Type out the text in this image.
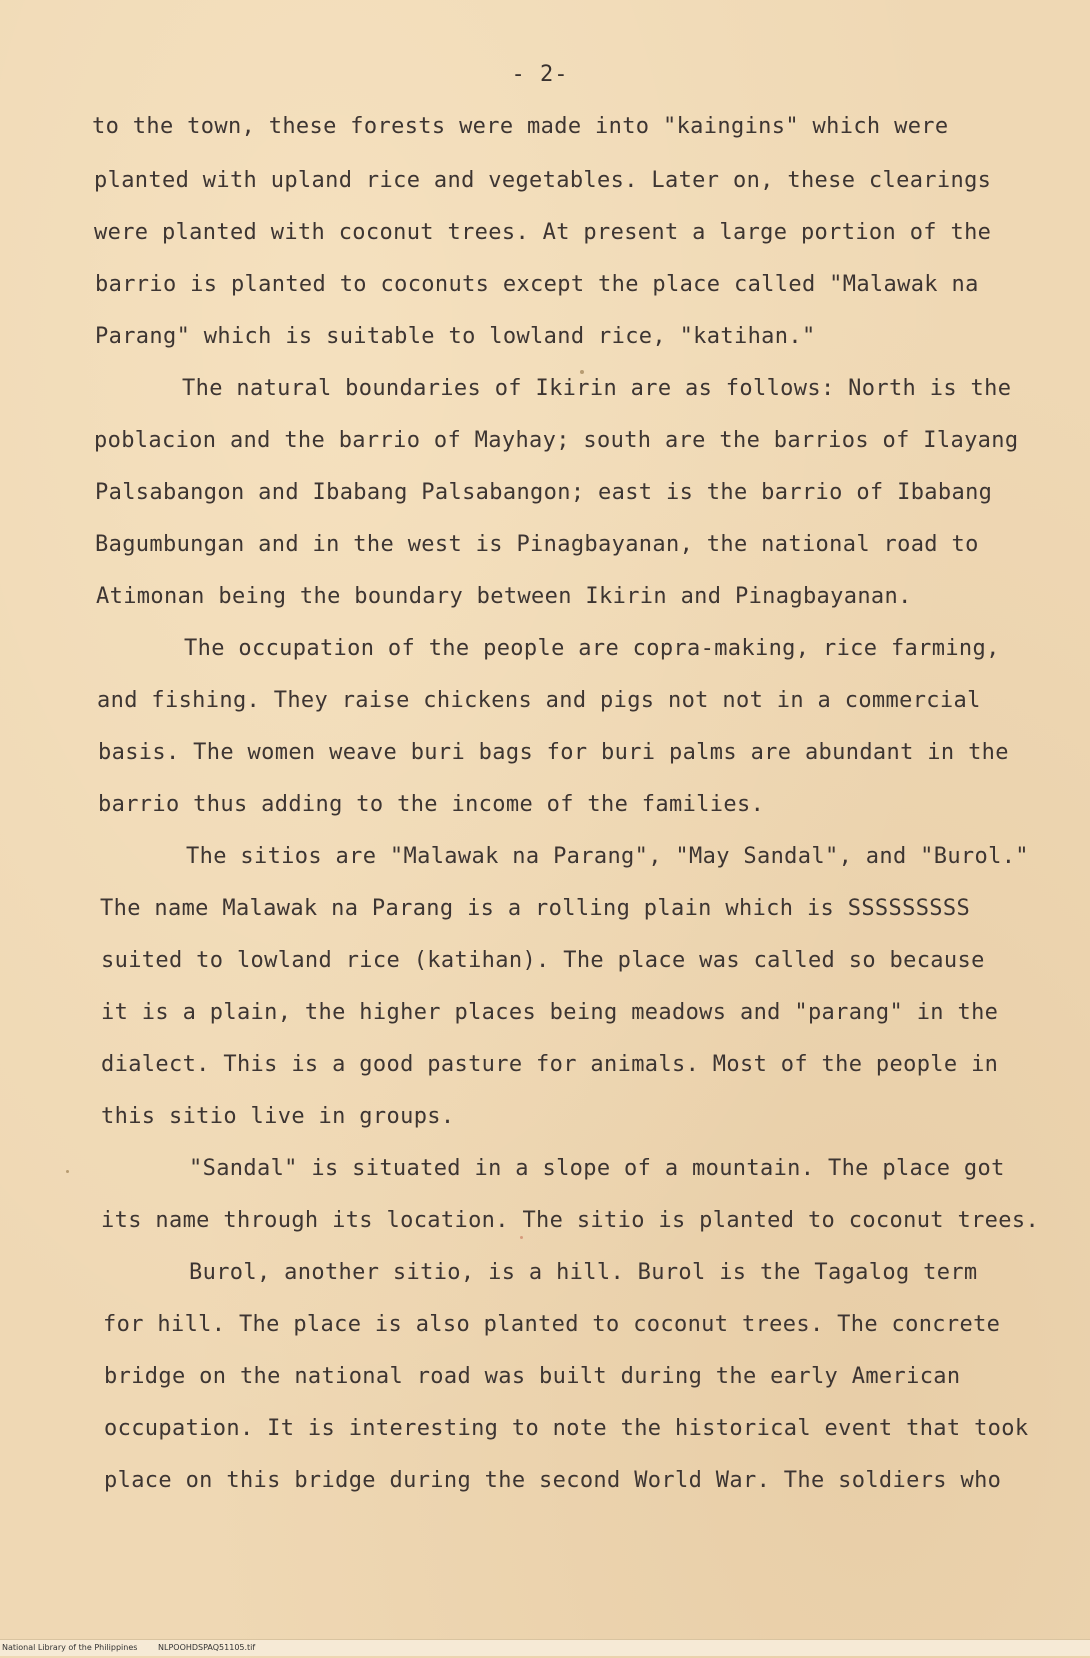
- 2-
to the town, these forests were made into "kaingins" which were
planted with upland rice and vegetables. Later on, these clearings
were planted with coconut trees. At present a large portion of the
barrio is planted to coconuts except the place called "Malawak na
Parang" which is suitable to lowland rice, "katihan."
The natural boundaries of Ikirin are as follows: North is the
poblacion and the barrio of Mayhay; south are the barrios of Ilayang
Palsabangon and Ibabang Palsabangon; east is the barrio of Ibabang
Bagumbungan and in the west is Pinagbayanan, the national road to
Atimonan being the boundary between Ikirin and Pinagbayanan.
The occupation of the people are copra-making, rice farming,
and fishing. They raise chickens and pigs not not in a commercial
basis. The women weave buri bags for buri palms are abundant in the
barrio thus adding to the income of the families.
The sitios are "Malawak na Parang", "May Sandal", and "Burol."
The name Malawak na Parang is a rolling plain which is SSSSSSSSS
suited to lowland rice (katihan). The place was called so because
it is a plain, the higher places being meadows and "parang" in the
dialect. This is a good pasture for animals. Most of the people in
this sitio live in groups.
"Sandal" is situated in a slope of a mountain. The place got
its name through its location. The sitio is planted to coconut trees.
Burol, another sitio, is a hill. Burol is the Tagalog term
for hill. The place is also planted to coconut trees. The concrete
bridge on the national road was built during the early American
occupation. It is interesting to note the historical event that took
place on this bridge during the second World War. The soldiers who
National Library of the Philippines	NLPOOHDSPAQ51105.tif
